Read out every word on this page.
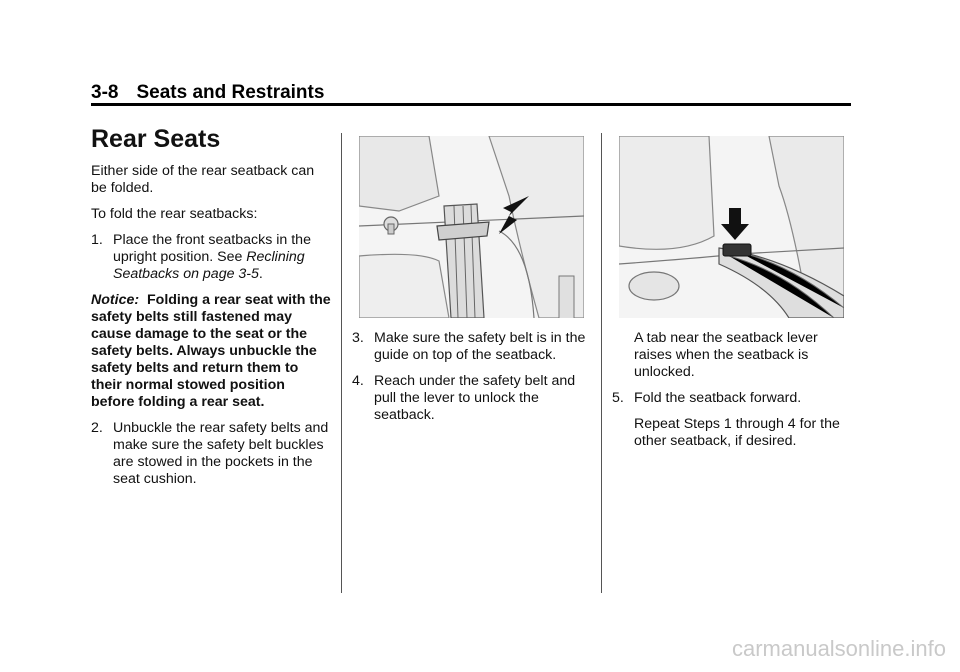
3-8 Seats and Restraints
Rear Seats

Either side of the rear seatback can be folded.

To fold the rear seatbacks:

1. Place the front seatbacks in the upright position. See Reclining Seatbacks on page 3-5.

Notice: Folding a rear seat with the safety belts still fastened may cause damage to the seat or the safety belts. Always unbuckle the safety belts and return them to their normal stowed position before folding a rear seat.

2. Unbuckle the rear safety belts and make sure the safety belt buckles are stowed in the pockets in the seat cushion.
3. Make sure the safety belt is in the guide on top of the seatback.
4. Reach under the safety belt and pull the lever to unlock the seatback.

A tab near the seatback lever raises when the seatback is unlocked.

5. Fold the seatback forward.

Repeat Steps 1 through 4 for the other seatback, if desired.

carmanualsonline.info
